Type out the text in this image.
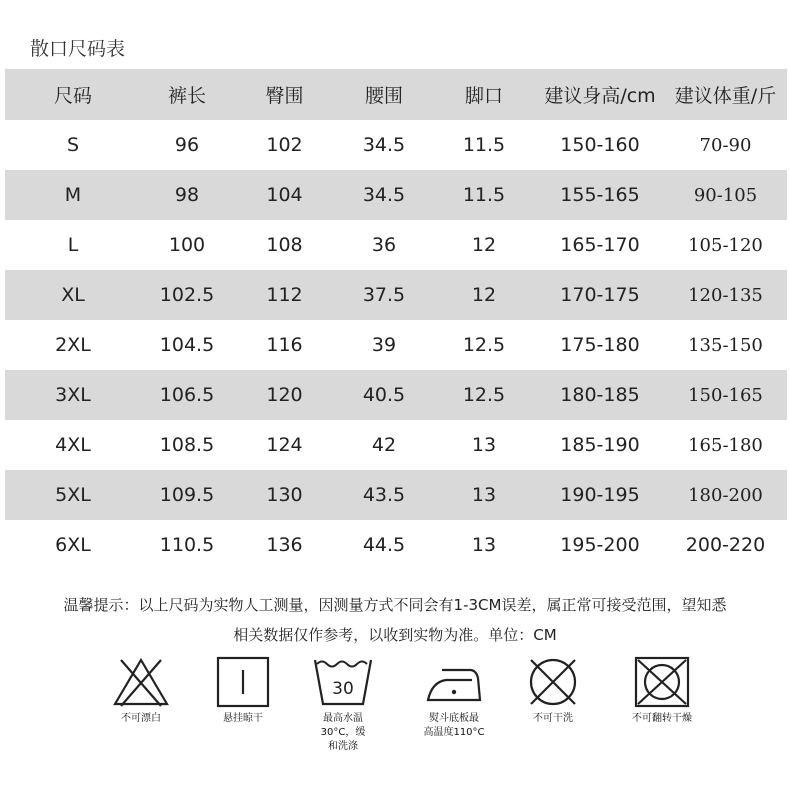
散口尺码表
尺码	裤长	臀围	腰围	脚口	建议身高/cm	建议体重/斤
S	96	102	34.5	11.5	150-160	70-90
M	98	104	34.5	11.5	155-165	90-105
L	100	108	36	12	165-170	105-120
XL	102.5	112	37.5	12	170-175	120-135
2XL	104.5	116	39	12.5	175-180	135-150
3XL	106.5	120	40.5	12.5	180-185	150-165
4XL	108.5	124	42	13	185-190	165-180
5XL	109.5	130	43.5	13	190-195	180-200
6XL	110.5	136	44.5	13	195-200	200-220
温馨提示：以上尺码为实物人工测量，因测量方式不同会有1-3CM误差，属正常可接受范围，望知悉
相关数据仅作参考，以收到实物为准。单位：CM
不可漂白	悬挂晾干
30
最高水温
30°C，缓
和洗涤
熨斗底板最
高温度110°C
不可干洗	不可翻转干燥
